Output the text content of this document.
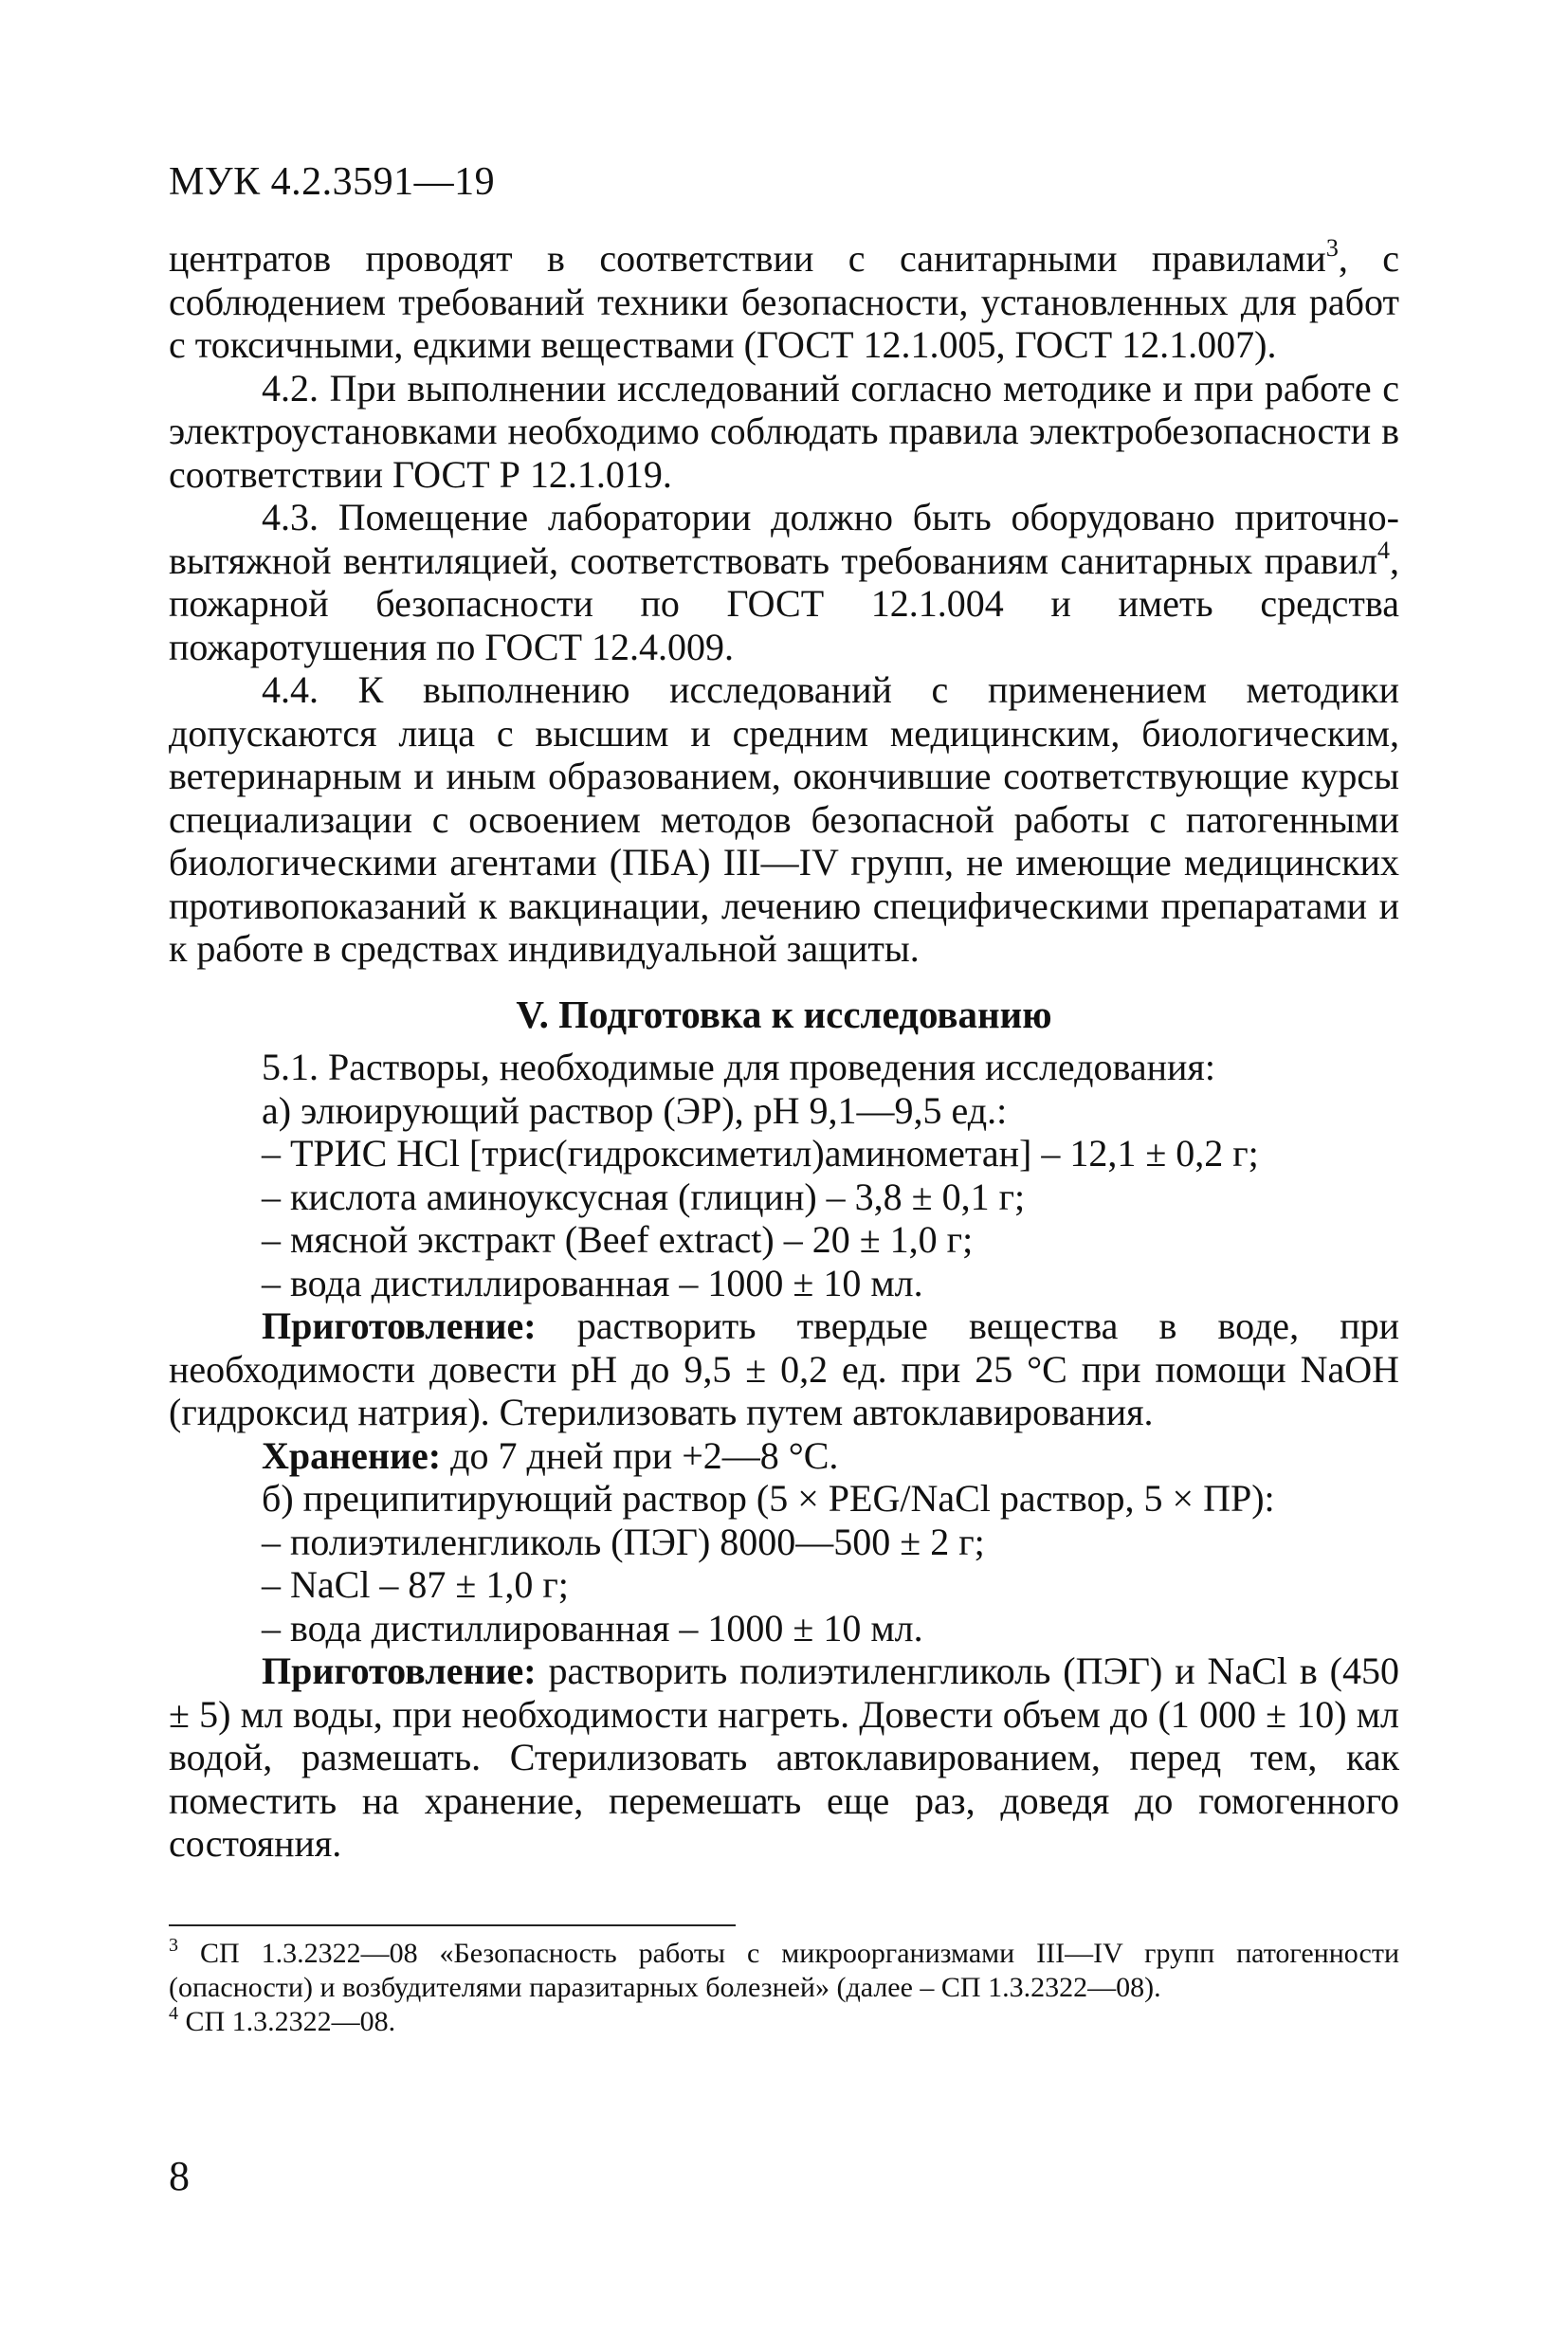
МУК 4.2.3591—19

центратов проводят в соответствии с санитарными правилами$^3$, с соблюдением требований техники безопасности, установленных для работ с токсичными, едкими веществами (ГОСТ 12.1.005, ГОСТ 12.1.007).

4.2. При выполнении исследований согласно методике и при работе с электроустановками необходимо соблюдать правила электробезопасности в соответствии ГОСТ Р 12.1.019.

4.3. Помещение лаборатории должно быть оборудовано приточно-вытяжной вентиляцией, соответствовать требованиям санитарных правил$^4$, пожарной безопасности по ГОСТ 12.1.004 и иметь средства пожаротушения по ГОСТ 12.4.009.

4.4. К выполнению исследований с применением методики допускаются лица с высшим и средним медицинским, биологическим, ветеринарным и иным образованием, окончившие соответствующие курсы специализации с освоением методов безопасной работы с патогенными биологическими агентами (ПБА) III—IV групп, не имеющие медицинских противопоказаний к вакцинации, лечению специфическими препаратами и к работе в средствах индивидуальной защиты.

V. Подготовка к исследованию

5.1. Растворы, необходимые для проведения исследования:

а) элюирующий раствор (ЭР), pH 9,1—9,5 ед.:

– ТРИС HCl [трис(гидроксиметил)аминометан] – 12,1 ± 0,2 г;

– кислота аминоуксусная (глицин) – 3,8 ± 0,1 г;

– мясной экстракт (Beef extract) – 20 ± 1,0 г;

– вода дистиллированная – 1000 ± 10 мл.

Приготовление: растворить твердые вещества в воде, при необходимости довести pH до 9,5 ± 0,2 ед. при 25 °С при помощи NaOH (гидроксид натрия). Стерилизовать путем автоклавирования.

Хранение: до 7 дней при +2—8 °С.

б) преципитирующий раствор (5 × PEG/NaCl раствор, 5 × ПР):

– полиэтиленгликоль (ПЭГ) 8000—500 ± 2 г;

– NaCl – 87 ± 1,0 г;

– вода дистиллированная – 1000 ± 10 мл.

Приготовление: растворить полиэтиленгликоль (ПЭГ) и NaCl в (450 ± 5) мл воды, при необходимости нагреть. Довести объем до (1 000 ± 10) мл водой, размешать. Стерилизовать автоклавированием, перед тем, как поместить на хранение, перемешать еще раз, доведя до гомогенного состояния.

$^3$ СП 1.3.2322—08 «Безопасность работы с микроорганизмами III—IV групп патогенности (опасности) и возбудителями паразитарных болезней» (далее – СП 1.3.2322—08).

$^4$ СП 1.3.2322—08.

8
